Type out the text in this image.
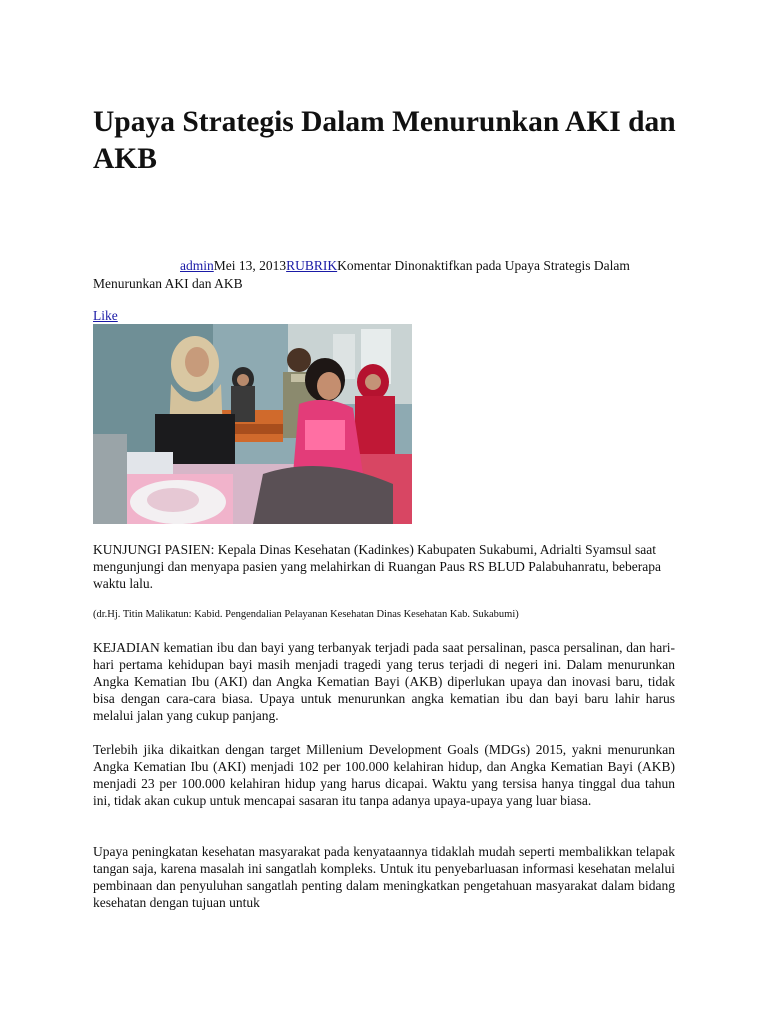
Upaya Strategis Dalam Menurunkan AKI dan AKB
adminMei 13, 2013RUBRIKKomentar Dinonaktifkan pada Upaya Strategis Dalam Menurunkan AKI dan AKB
Like
KUNJUNGI PASIEN: Kepala Dinas Kesehatan (Kadinkes) Kabupaten Sukabumi, Adrialti Syamsul saat mengunjungi dan menyapa pasien yang melahirkan di Ruangan Paus RS BLUD Palabuhanratu, beberapa waktu lalu.
(dr.Hj. Titin Malikatun: Kabid. Pengendalian Pelayanan Kesehatan Dinas Kesehatan Kab. Sukabumi)

KEJADIAN kematian ibu dan bayi yang terbanyak terjadi pada saat persalinan, pasca persalinan, dan hari-hari pertama kehidupan bayi masih menjadi tragedi yang terus terjadi di negeri ini. Dalam menurunkan Angka Kematian Ibu (AKI) dan Angka Kematian Bayi (AKB) diperlukan upaya dan inovasi baru, tidak bisa dengan cara-cara biasa. Upaya untuk menurunkan angka kematian ibu dan bayi baru lahir harus melalui jalan yang cukup panjang.

Terlebih jika dikaitkan dengan target Millenium Development Goals (MDGs) 2015, yakni menurunkan Angka Kematian Ibu (AKI) menjadi 102 per 100.000 kelahiran hidup, dan Angka Kematian Bayi (AKB) menjadi 23 per 100.000 kelahiran hidup yang harus dicapai. Waktu yang tersisa hanya tinggal dua tahun ini, tidak akan cukup untuk mencapai sasaran itu tanpa adanya upaya-upaya yang luar biasa.

Upaya peningkatan kesehatan masyarakat pada kenyataannya tidaklah mudah seperti membalikkan telapak tangan saja, karena masalah ini sangatlah kompleks. Untuk itu penyebarluasan informasi kesehatan melalui pembinaan dan penyuluhan sangatlah penting dalam meningkatkan pengetahuan masyarakat dalam bidang kesehatan dengan tujuan untuk
